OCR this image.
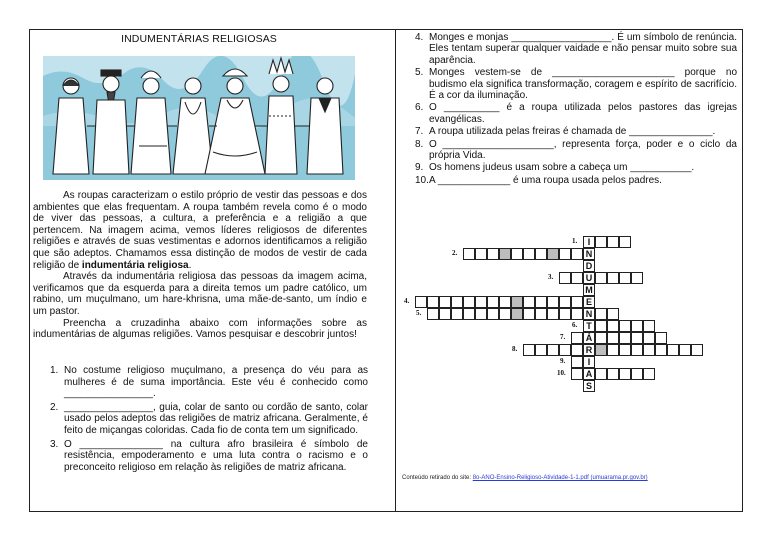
INDUMENTÁRIAS RELIGIOSAS

As roupas caracterizam o estilo próprio de vestir das pessoas e dos ambientes que elas frequentam. A roupa também revela como é o modo de viver das pessoas, a cultura, a preferência e a religião a que pertencem. Na imagem acima, vemos líderes religiosos de diferentes religiões e através de suas vestimentas e adornos identificamos a religião que são adeptos. Chamamos essa distinção de modos de vestir de cada religião de indumentária religiosa.

Através da indumentária religiosa das pessoas da imagem acima, verificamos que da esquerda para a direita temos um padre católico, um rabino, um muçulmano, um hare-khrisna, uma mãe-de-santo, um índio e um pastor.

Preencha a cruzadinha abaixo com informações sobre as indumentárias de algumas religiões. Vamos pesquisar e descobrir juntos!

1. No costume religioso muçulmano, a presença do véu para as mulheres é de suma importância. Este véu é conhecido como ________________.
2. ________________, guia, colar de santo ou cordão de santo, colar usado pelos adeptos das religiões de matriz africana. Geralmente, é feito de miçangas coloridas. Cada fio de conta tem um significado.
3. O _______________ na cultura afro brasileira é símbolo de resistência, empoderamento e uma luta contra o racismo e o preconceito religioso em relação às religiões de matriz africana.
4. Monges e monjas __________________. É um símbolo de renúncia. Eles tentam superar qualquer vaidade e não pensar muito sobre sua aparência.
5. Monges vestem-se de ______________________ porque no budismo ela significa transformação, coragem e espírito de sacrifício. É a cor da iluminação.
6. O __________ é a roupa utilizada pelos pastores das igrejas evangélicas.
7. A roupa utilizada pelas freiras é chamada de _______________.
8. O ____________________, representa força, poder e o ciclo da própria Vida.
9. Os homens judeus usam sobre a cabeça um ___________.
10. A _____________ é uma roupa usada pelos padres.
I
1.
N
2.
D
U
3.
M
E
4.
N
5.
T
6.
Á
7.
R
8.
I
9.
A
10.
S
Conteúdo retirado do site: 8o-ANO-Ensino-Religioso-Atividade-1-1.pdf (umuarama.pr.gov.br)
